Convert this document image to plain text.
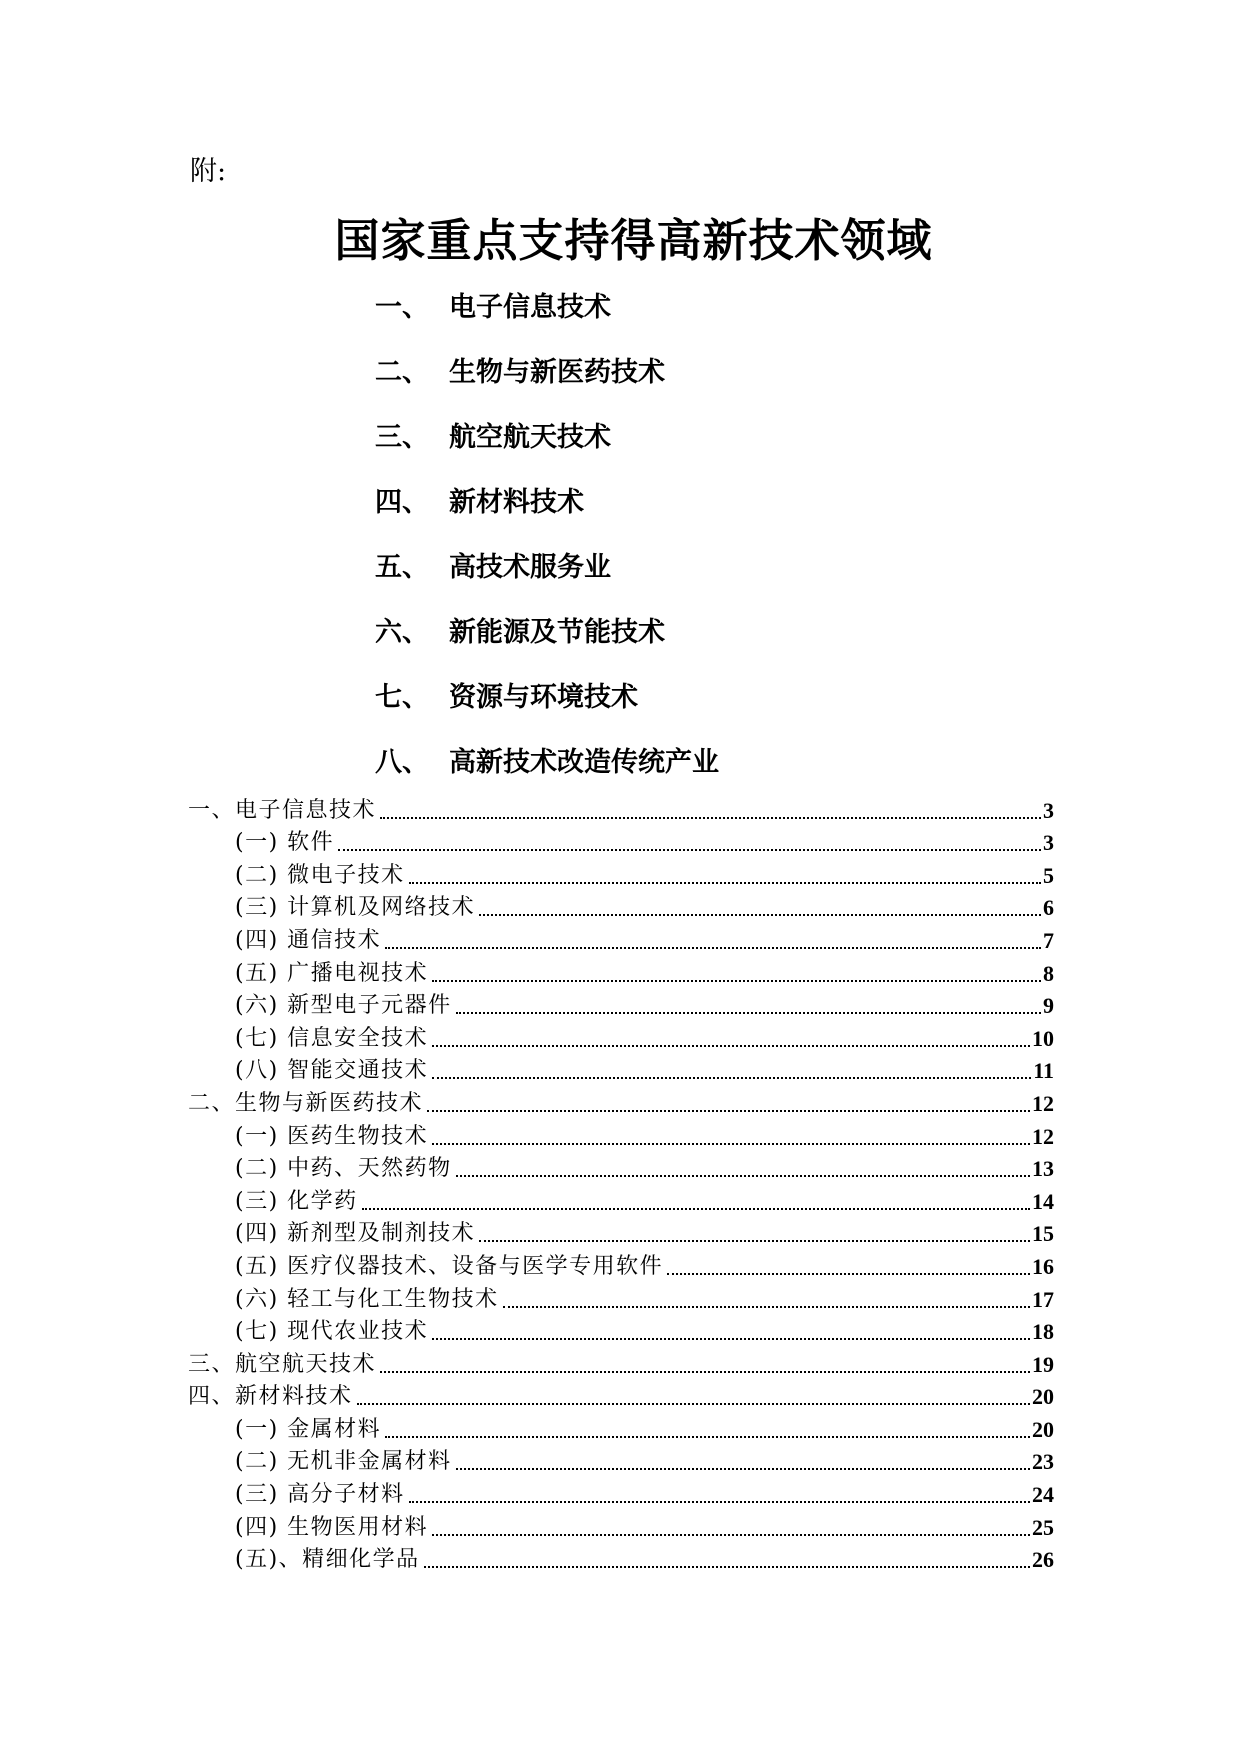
附:
国家重点支持得高新技术领域
一、 电子信息技术
二、 生物与新医药技术
三、 航空航天技术
四、 新材料技术
五、 高技术服务业
六、 新能源及节能技术
七、 资源与环境技术
八、 高新技术改造传统产业
一、电子信息技术	3
(一) 软件	3
(二) 微电子技术	5
(三) 计算机及网络技术	6
(四) 通信技术	7
(五) 广播电视技术	8
(六) 新型电子元器件	9
(七) 信息安全技术	10
(八) 智能交通技术	11
二、生物与新医药技术	12
(一) 医药生物技术	12
(二) 中药、天然药物	13
(三) 化学药	14
(四) 新剂型及制剂技术	15
(五) 医疗仪器技术、设备与医学专用软件	16
(六) 轻工与化工生物技术	17
(七) 现代农业技术	18
三、航空航天技术	19
四、新材料技术	20
(一) 金属材料	20
(二) 无机非金属材料	23
(三) 高分子材料	24
(四) 生物医用材料	25
(五)、精细化学品	26
